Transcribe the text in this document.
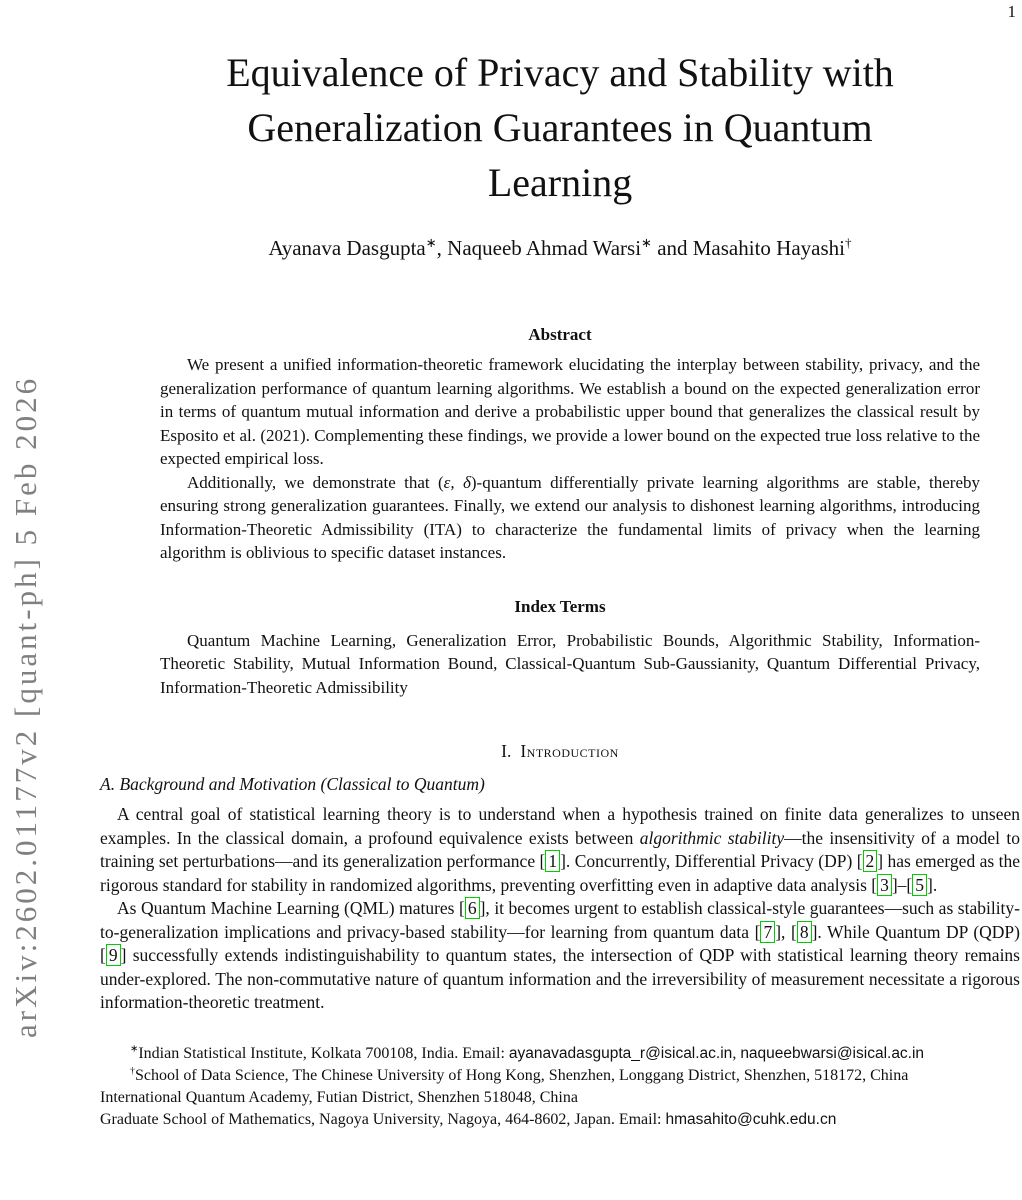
1
arXiv:2602.01177v2 [quant-ph] 5 Feb 2026
Equivalence of Privacy and Stability with
Generalization Guarantees in Quantum
Learning
Ayanava Dasgupta∗, Naqueeb Ahmad Warsi∗ and Masahito Hayashi†
Abstract

We present a unified information-theoretic framework elucidating the interplay between stability, privacy, and the generalization performance of quantum learning algorithms. We establish a bound on the expected generalization error in terms of quantum mutual information and derive a probabilistic upper bound that generalizes the classical result by Esposito et al. (2021). Complementing these findings, we provide a lower bound on the expected true loss relative to the expected empirical loss.

Additionally, we demonstrate that (ε, δ)-quantum differentially private learning algorithms are stable, thereby ensuring strong generalization guarantees. Finally, we extend our analysis to dishonest learning algorithms, introducing Information-Theoretic Admissibility (ITA) to characterize the fundamental limits of privacy when the learning algorithm is oblivious to specific dataset instances.

Index Terms

Quantum Machine Learning, Generalization Error, Probabilistic Bounds, Algorithmic Stability, Information-Theoretic Stability, Mutual Information Bound, Classical-Quantum Sub-Gaussianity, Quantum Differential Privacy, Information-Theoretic Admissibility

I. Introduction
A. Background and Motivation (Classical to Quantum)

A central goal of statistical learning theory is to understand when a hypothesis trained on finite data generalizes to unseen examples. In the classical domain, a profound equivalence exists between algorithmic stability—the insensitivity of a model to training set perturbations—and its generalization performance [ 1 ]. Concurrently, Differential Privacy (DP) [ 2 ] has emerged as the rigorous standard for stability in randomized algorithms, preventing overfitting even in adaptive data analysis [ 3 ]–[ 5 ].

As Quantum Machine Learning (QML) matures [ 6 ], it becomes urgent to establish classical-style guarantees—such as stability-to-generalization implications and privacy-based stability—for learning from quantum data [ 7 ], [ 8 ]. While Quantum DP (QDP) [ 9 ] successfully extends indistinguishability to quantum states, the intersection of QDP with statistical learning theory remains under-explored. The non-commutative nature of quantum information and the irreversibility of measurement necessitate a rigorous information-theoretic treatment.

∗Indian Statistical Institute, Kolkata 700108, India. Email: ayanavadasgupta_r@isical.ac.in, naqueebwarsi@isical.ac.in
†School of Data Science, The Chinese University of Hong Kong, Shenzhen, Longgang District, Shenzhen, 518172, China
International Quantum Academy, Futian District, Shenzhen 518048, China
Graduate School of Mathematics, Nagoya University, Nagoya, 464-8602, Japan. Email: hmasahito@cuhk.edu.cn
